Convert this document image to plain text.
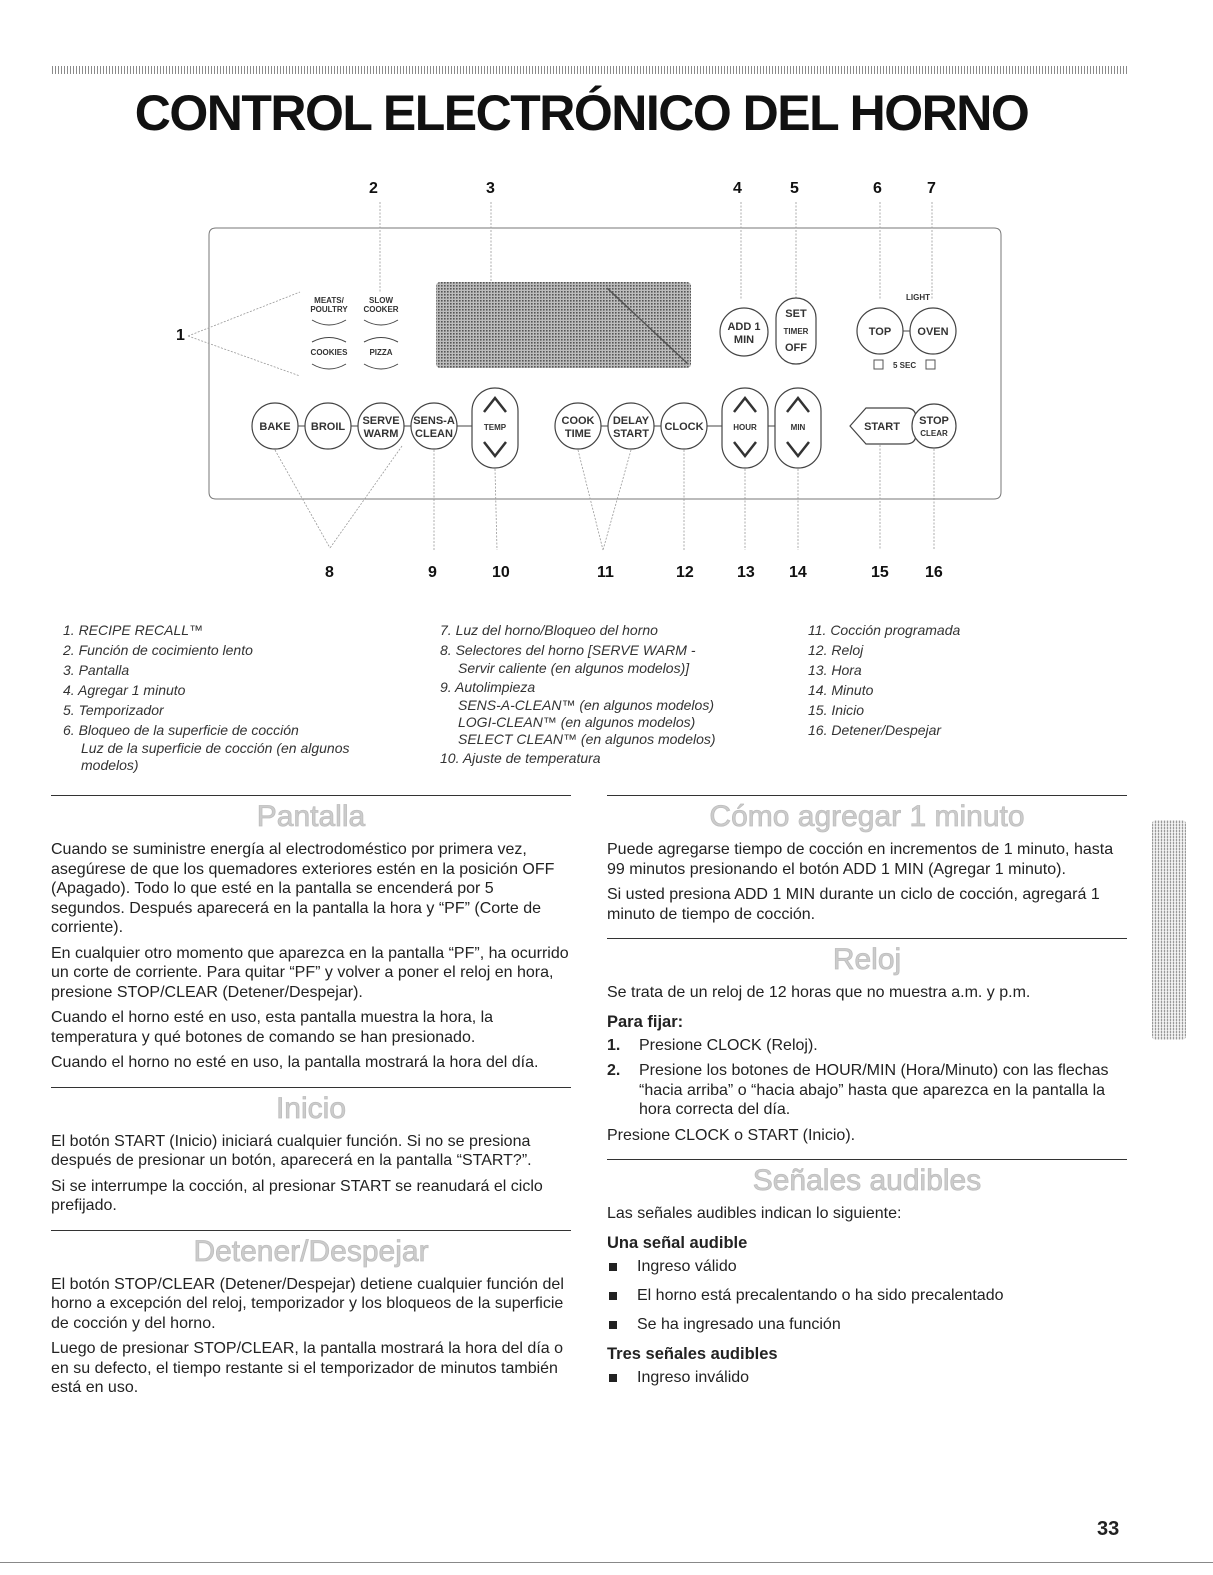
CONTROL ELECTRÓNICO DEL HORNO
2	3	4	5	6	7
1
MEATS/
POULTRY
SLOW
COOKER
COOKIES	PIZZA
ADD 1
MIN
SET
TIMER
OFF
LIGHT
TOP OVEN
5 SEC
BAKE BROIL SERVE
WARM
SENS-A
CLEAN
TEMP
COOK
TIME
DELAY
START
CLOCK	HOUR	MIN	START STOP
CLEAR
8	9	10	11	12	13 14	15 16
1. RECIPE RECALL™
2. Función de cocimiento lento
3. Pantalla
4. Agregar 1 minuto
5. Temporizador
6. Bloqueo de la superficie de cocción
Luz de la superficie de cocción (en algunos
modelos)
7. Luz del horno/Bloqueo del horno
8. Selectores del horno [SERVE WARM -
Servir caliente (en algunos modelos)]
9. Autolimpieza
SENS-A-CLEAN™ (en algunos modelos)
LOGI-CLEAN™ (en algunos modelos)
SELECT CLEAN™ (en algunos modelos)
10. Ajuste de temperatura
11. Cocción programada
12. Reloj
13. Hora
14. Minuto
15. Inicio
16. Detener/Despejar
Pantalla

Cuando se suministre energía al electrodoméstico por primera vez, asegúrese de que los quemadores exteriores estén en la posición OFF (Apagado). Todo lo que esté en la pantalla se encenderá por 5 segundos. Después aparecerá en la pantalla la hora y “PF” (Corte de corriente).

En cualquier otro momento que aparezca en la pantalla “PF”, ha ocurrido un corte de corriente. Para quitar “PF” y volver a poner el reloj en hora, presione STOP/CLEAR (Detener/Despejar).

Cuando el horno esté en uso, esta pantalla muestra la hora, la temperatura y qué botones de comando se han presionado.

Cuando el horno no esté en uso, la pantalla mostrará la hora del día.

Inicio

El botón START (Inicio) iniciará cualquier función. Si no se presiona después de presionar un botón, aparecerá en la pantalla “START?”.

Si se interrumpe la cocción, al presionar START se reanudará el ciclo prefijado.

Detener/Despejar

El botón STOP/CLEAR (Detener/Despejar) detiene cualquier función del horno a excepción del reloj, temporizador y los bloqueos de la superficie de cocción y del horno.

Luego de presionar STOP/CLEAR, la pantalla mostrará la hora del día o en su defecto, el tiempo restante si el temporizador de minutos también está en uso.

Cómo agregar 1 minuto

Puede agregarse tiempo de cocción en incrementos de 1 minuto, hasta 99 minutos presionando el botón ADD 1 MIN (Agregar 1 minuto).

Si usted presiona ADD 1 MIN durante un ciclo de cocción, agregará 1 minuto de tiempo de cocción.

Reloj

Se trata de un reloj de 12 horas que no muestra a.m. y p.m.

Para fijar:
1. Presione CLOCK (Reloj).
2. Presione los botones de HOUR/MIN (Hora/Minuto) con las flechas “hacia arriba” o “hacia abajo” hasta que aparezca en la pantalla la hora correcta del día.

Presione CLOCK o START (Inicio).

Señales audibles

Las señales audibles indican lo siguiente:

Una señal audible
Ingreso válido
El horno está precalentando o ha sido precalentado
Se ha ingresado una función
Tres señales audibles
Ingreso inválido
33
